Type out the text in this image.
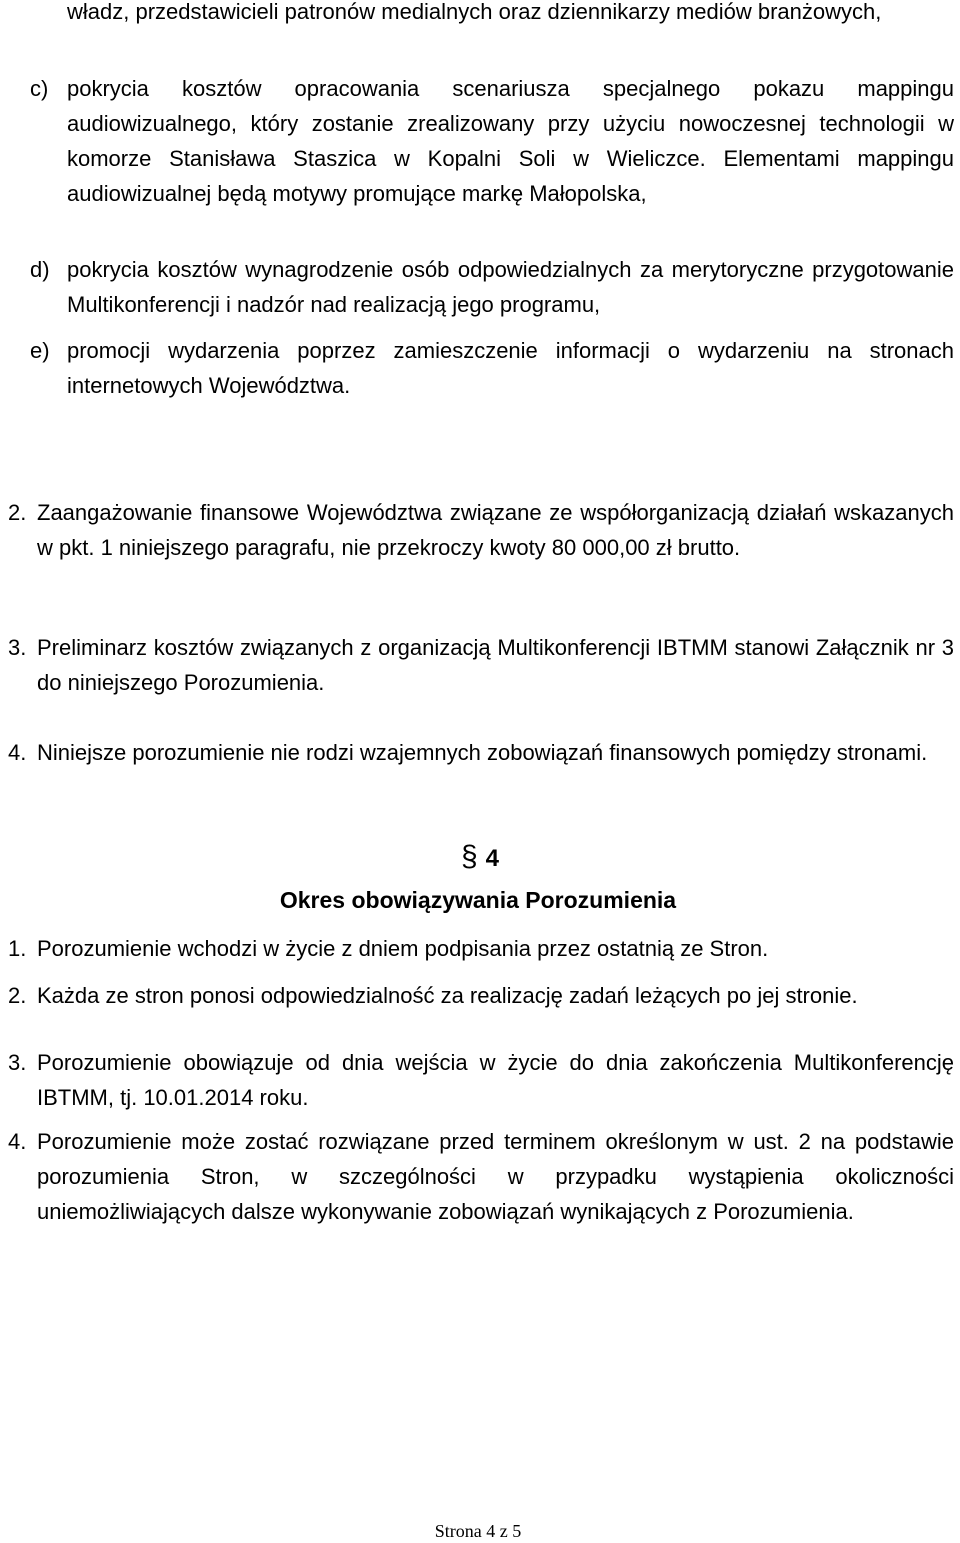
władz, przedstawicieli patronów medialnych oraz dziennikarzy mediów branżowych,

c) pokrycia kosztów opracowania scenariusza specjalnego pokazu mappingu audiowizualnego, który zostanie zrealizowany przy użyciu nowoczesnej technologii w komorze Stanisława Staszica w Kopalni Soli w Wieliczce. Elementami mappingu audiowizualnej będą motywy promujące markę Małopolska,
d) pokrycia kosztów wynagrodzenie osób odpowiedzialnych za merytoryczne przygotowanie Multikonferencji i nadzór nad realizacją jego programu,
e) promocji wydarzenia poprzez zamieszczenie informacji o wydarzeniu na stronach internetowych Województwa.
2. Zaangażowanie finansowe Województwa związane ze współorganizacją działań wskazanych w pkt. 1 niniejszego paragrafu, nie przekroczy kwoty 80 000,00 zł brutto.
3. Preliminarz kosztów związanych z organizacją Multikonferencji IBTMM stanowi Załącznik nr 3 do niniejszego Porozumienia.
4. Niniejsze porozumienie nie rodzi wzajemnych zobowiązań finansowych pomiędzy stronami.
§ 4
Okres obowiązywania Porozumienia
1. Porozumienie wchodzi w życie z dniem podpisania przez ostatnią ze Stron.
2. Każda ze stron ponosi odpowiedzialność za realizację zadań leżących po jej stronie.
3. Porozumienie obowiązuje od dnia wejścia w życie do dnia zakończenia Multikonferencję IBTMM, tj. 10.01.2014 roku.
4. Porozumienie może zostać rozwiązane przed terminem określonym w ust. 2 na podstawie porozumienia Stron, w szczególności w przypadku wystąpienia okoliczności uniemożliwiających dalsze wykonywanie zobowiązań wynikających z Porozumienia.
Strona 4 z 5
